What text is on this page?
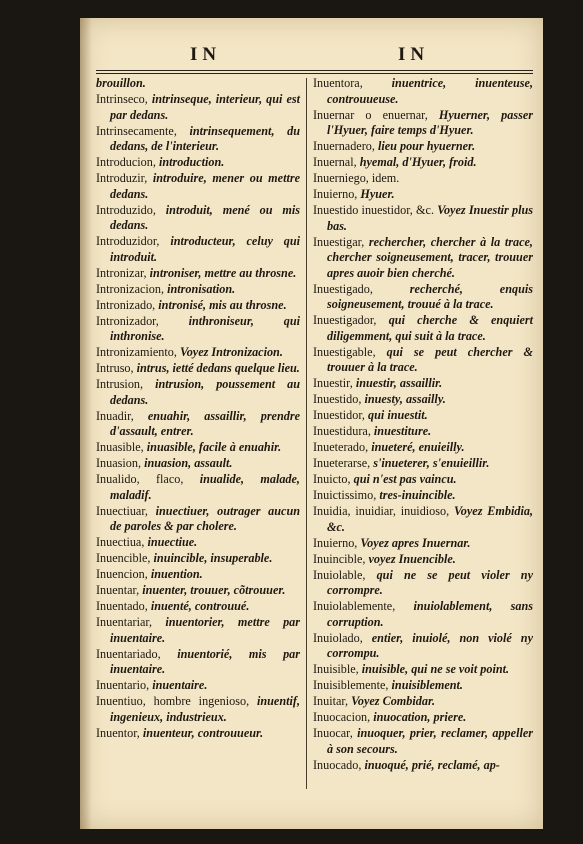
IN	IN

brouillon.

Intrinseco, intrinseque, interieur, qui est par dedans.

Intrinsecamente, intrinsequement, du dedans, de l'interieur.

Introducion, introduction.

Introduzir, introduire, mener ou mettre dedans.

Introduzido, introduit, mené ou mis dedans.

Introduzidor, introducteur, celuy qui introduit.

Intronizar, introniser, mettre au throsne.

Intronizacion, intronisation.

Intronizado, intronisé, mis au throsne.

Intronizador, inthroniseur, qui inthronise.

Intronizamiento, Voyez Intronizacion.

Intruso, intrus, ietté dedans quelque lieu.

Intrusion, intrusion, poussement au dedans.

Inuadir, enuahir, assaillir, prendre d'assault, entrer.

Inuasible, inuasible, facile à enuahir.

Inuasion, inuasion, assault.

Inualido, flaco, inualide, malade, maladif.

Inuectiuar, inuectiuer, outrager aucun de paroles & par cholere.

Inuectiua, inuectiue.

Inuencible, inuincible, insuperable.

Inuencion, inuention.

Inuentar, inuenter, trouuer, cõtrouuer.

Inuentado, inuenté, controuué.

Inuentariar, inuentorier, mettre par inuentaire.

Inuentariado, inuentorié, mis par inuentaire.

Inuentario, inuentaire.

Inuentiuo, hombre ingenioso, inuentif, ingenieux, industrieux.

Inuentor, inuenteur, controuueur.

Inuentora, inuentrice, inuenteuse, controuueuse.

Inuernar o enuernar, Hyuerner, passer l'Hyuer, faire temps d'Hyuer.

Inuernadero, lieu pour hyuerner.

Inuernal, hyemal, d'Hyuer, froid.

Inuerniego, idem.

Inuierno, Hyuer.

Inuestido inuestidor, &c. Voyez Inuestir plus bas.

Inuestigar, rechercher, chercher à la trace, chercher soigneusement, tracer, trouuer apres auoir bien cherché.

Inuestigado, recherché, enquis soigneusement, trouué à la trace.

Inuestigador, qui cherche & enquiert diligemment, qui suit à la trace.

Inuestigable, qui se peut chercher & trouuer à la trace.

Inuestir, inuestir, assaillir.

Inuestido, inuesty, assailly.

Inuestidor, qui inuestit.

Inuestidura, inuestiture.

Inueterado, inueteré, enuieilly.

Inueterarse, s'inueterer, s'enuieillir.

Inuicto, qui n'est pas vaincu.

Inuictissimo, tres-inuincible.

Inuidia, inuidiar, inuidioso, Voyez Embidia, &c.

Inuierno, Voyez apres Inuernar.

Inuincible, voyez Inuencible.

Inuiolable, qui ne se peut violer ny corrompre.

Inuiolablemente, inuiolablement, sans corruption.

Inuiolado, entier, inuiolé, non violé ny corrompu.

Inuisible, inuisible, qui ne se voit point.

Inuisiblemente, inuisiblement.

Inuitar, Voyez Combidar.

Inuocacion, inuocation, priere.

Inuocar, inuoquer, prier, reclamer, appeller à son secours.

Inuocado, inuoqué, prié, reclamé, ap-
